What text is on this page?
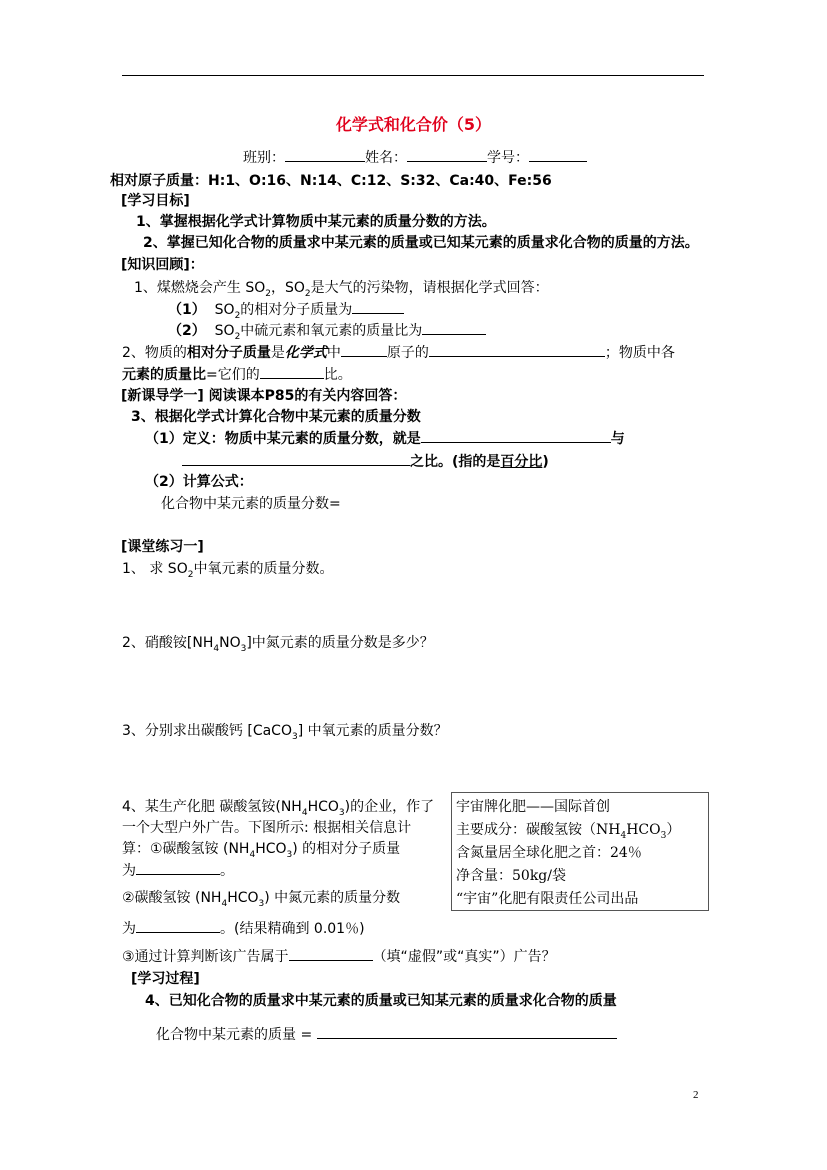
化学式和化合价（5）
班别：	姓名：	学号：
相对原子质量：H:1、O:16、N:14、C:12、S:32、Ca:40、Fe:56
[学习目标]
1、掌握根据化学式计算物质中某元素的质量分数的方法。
2、掌握已知化合物的质量求中某元素的质量或已知某元素的质量求化合物的质量的方法。
[知识回顾]：
1、煤燃烧会产生 $SO_2$，$SO_2$是大气的污染物，请根据化学式回答：
（1） $SO_2$的相对分子质量为
（2） $SO_2$中硫元素和氧元素的质量比为
2、物质的相对分子质量是化学式中	原子的	；物质中各
元素的质量比=它们的	比。
[新课导学一] 阅读课本P85的有关内容回答：
3、根据化学式计算化合物中某元素的质量分数
（1）定义：物质中某元素的质量分数，就是	与
之比。(指的是百分比)
（2）计算公式：
化合物中某元素的质量分数=
[课堂练习一]
1、 求 $SO_2$中氧元素的质量分数。
2、硝酸铵$[NH_4NO_3]$中氮元素的质量分数是多少？
3、分别求出碳酸钙 [CaCO$_3$] 中氧元素的质量分数？
4、某生产化肥 碳酸氢铵$(NH_4HCO_3)$的企业，作了
一个大型户外广告。下图所示: 根据相关信息计
算：①碳酸氢铵 $(NH_4HCO_3)$ 的相对分子质量
为	。
②碳酸氢铵 $(NH_4HCO_3)$ 中氮元素的质量分数
为	。(结果精确到 0.01％)
③通过计算判断该广告属于	（填“虚假”或“真实”）广告？
宇宙牌化肥——国际首创
主要成分：碳酸氢铵$(NH_4HCO_3)$
含氮量居全球化肥之首：24％
净含量：50kg/袋
“宇宙”化肥有限责任公司出品
[学习过程]
4、已知化合物的质量求中某元素的质量或已知某元素的质量求化合物的质量
化合物中某元素的质量 =
2
